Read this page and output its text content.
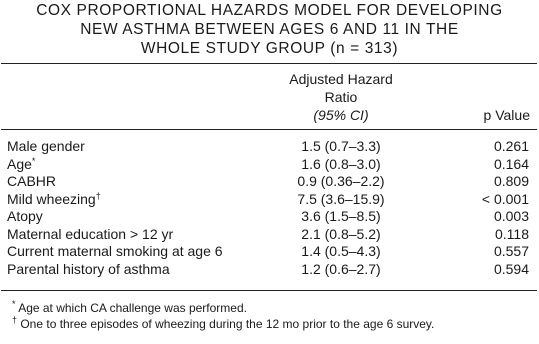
COX PROPORTIONAL HAZARDS MODEL FOR DEVELOPING
NEW ASTHMA BETWEEN AGES 6 AND 11 IN THE
WHOLE STUDY GROUP (n = 313)
Adjusted Hazard
Ratio
(95% CI)	p Value
Male gender	1.5 (0.7–3.3)	0.261
Age*	1.6 (0.8–3.0)	0.164
CABHR	0.9 (0.36–2.2)	0.809
Mild wheezing†	7.5 (3.6–15.9)	< 0.001
Atopy	3.6 (1.5–8.5)	0.003
Maternal education > 12 yr	2.1 (0.8–5.2)	0.118
Current maternal smoking at age 6	1.4 (0.5–4.3)	0.557
Parental history of asthma	1.2 (0.6–2.7)	0.594
* Age at which CA challenge was performed.
† One to three episodes of wheezing during the 12 mo prior to the age 6 survey.
